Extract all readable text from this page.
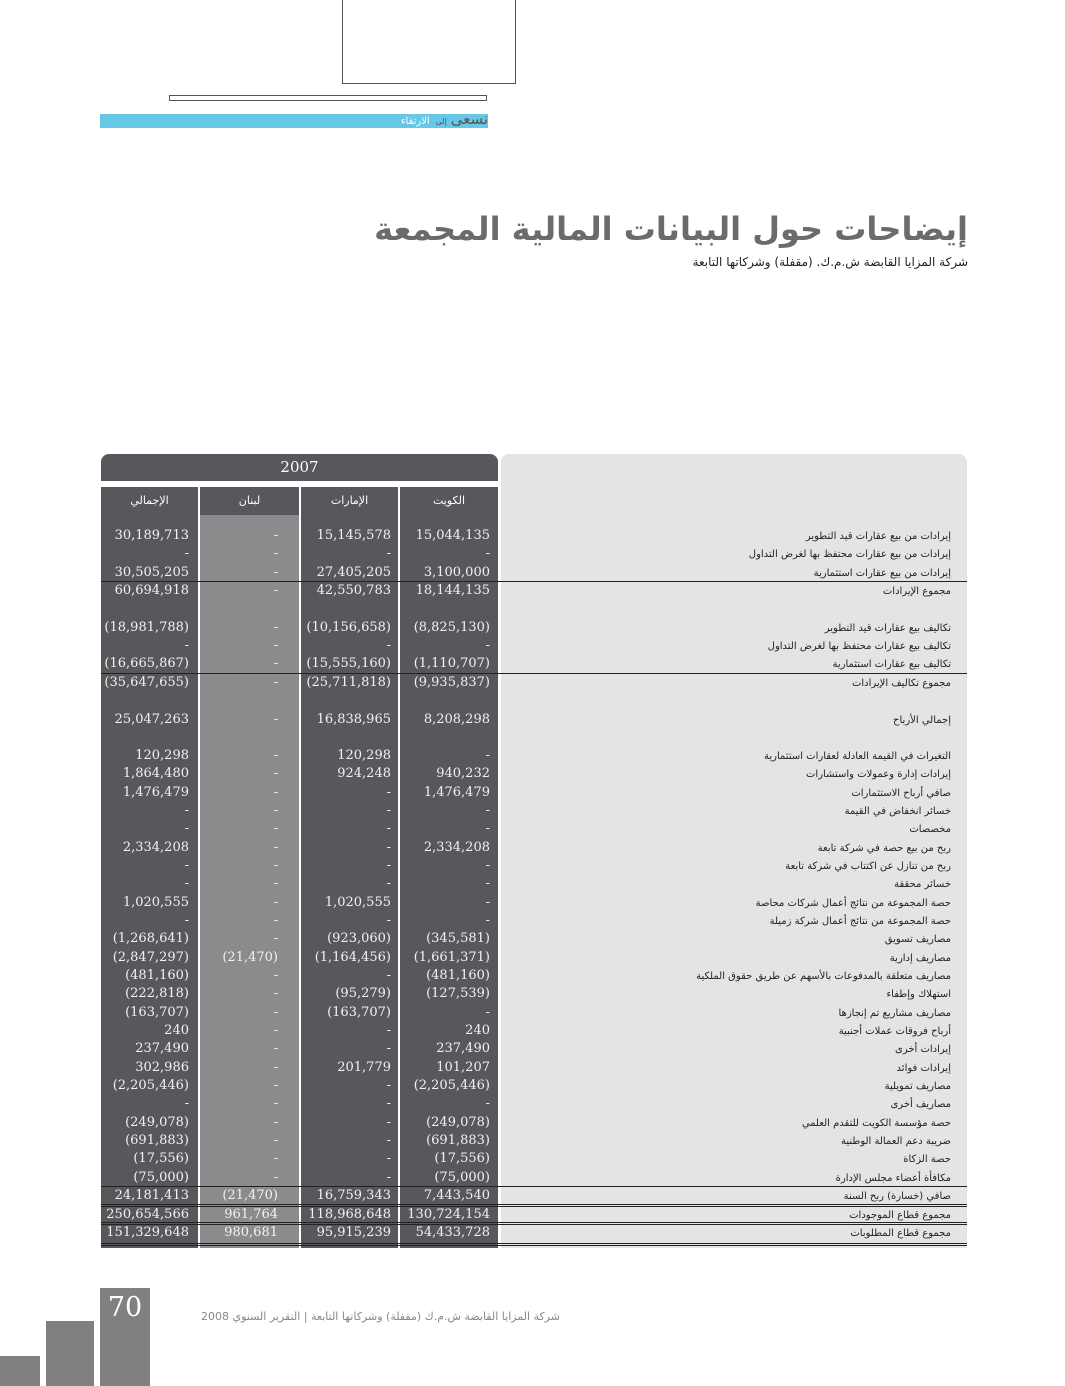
نسعى إلى الارتقاء
إيضاحات حول البيانات المالية المجمعة
شركة المزايا القابضة ش.م.ك. (مقفلة) وشركاتها التابعة
2007
الكويت
الإمارات
لبنان
الإجمالي
30,189,713	-	15,145,578	15,044,135	إيرادات من بيع عقارات قيد التطوير
-	-	-	-	إيرادات من بيع عقارات محتفظ بها لغرض التداول
30,505,205	-	27,405,205	3,100,000	إيرادات من بيع عقارات استثمارية
60,694,918	-	42,550,783	18,144,135	مجموع الإيرادات
(18,981,788)	-	(10,156,658)	(8,825,130)	تكاليف بيع عقارات قيد التطوير
-	-	-	-	تكاليف بيع عقارات محتفظ بها لغرض التداول
(16,665,867)	-	(15,555,160)	(1,110,707)	تكاليف بيع عقارات استثمارية
(35,647,655)	-	(25,711,818)	(9,935,837)	مجموع تكاليف الإيرادات
25,047,263	-	16,838,965	8,208,298	إجمالي الأرباح
120,298	-	120,298	-	التغيرات في القيمة العادلة لعقارات استثمارية
1,864,480	-	924,248	940,232	إيرادات إدارة وعمولات واستشارات
1,476,479	-	-	1,476,479	صافي أرباح الاستثمارات
-	-	-	-	خسائر انخفاض في القيمة
-	-	-	-	مخصصات
2,334,208	-	-	2,334,208	ربح من بيع حصة في شركة تابعة
-	-	-	-	ربح من تنازل عن اكتتاب في شركة تابعة
-	-	-	-	خسائر محققة
1,020,555	-	1,020,555	-	حصة المجموعة من نتائج أعمال شركات محاصة
-	-	-	-	حصة المجموعة من نتائج أعمال شركة زميلة
(1,268,641)	-	(923,060)	(345,581)	مصاريف تسويق
(2,847,297)	(21,470)	(1,164,456)	(1,661,371)	مصاريف إدارية
(481,160)	-	-	(481,160)	مصاريف متعلقة بالمدفوعات بالأسهم عن طريق حقوق الملكية
(222,818)	-	(95,279)	(127,539)	استهلاك وإطفاء
(163,707)	-	(163,707)	-	مصاريف مشاريع تم إنجازها
240	-	-	240	أرباح فروقات عملات أجنبية
237,490	-	-	237,490	إيرادات أخرى
302,986	-	201,779	101,207	إيرادات فوائد
(2,205,446)	-	-	(2,205,446)	مصاريف تمويلية
-	-	-	-	مصاريف أخرى
(249,078)	-	-	(249,078)	حصة مؤسسة الكويت للتقدم العلمي
(691,883)	-	-	(691,883)	ضريبة دعم العمالة الوطنية
(17,556)	-	-	(17,556)	حصة الزكاة
(75,000)	-	-	(75,000)	مكافأة أعضاء مجلس الإدارة
24,181,413	(21,470)	16,759,343	7,443,540	صافي (خسارة) ربح السنة
250,654,566	961,764	118,968,648	130,724,154	مجموع قطاع الموجودات
151,329,648	980,681	95,915,239	54,433,728	مجموع قطاع المطلوبات
70	شركة المزايا القابضة ش.م.ك (مقفلة) وشركاتها التابعة | التقرير السنوي 2008
